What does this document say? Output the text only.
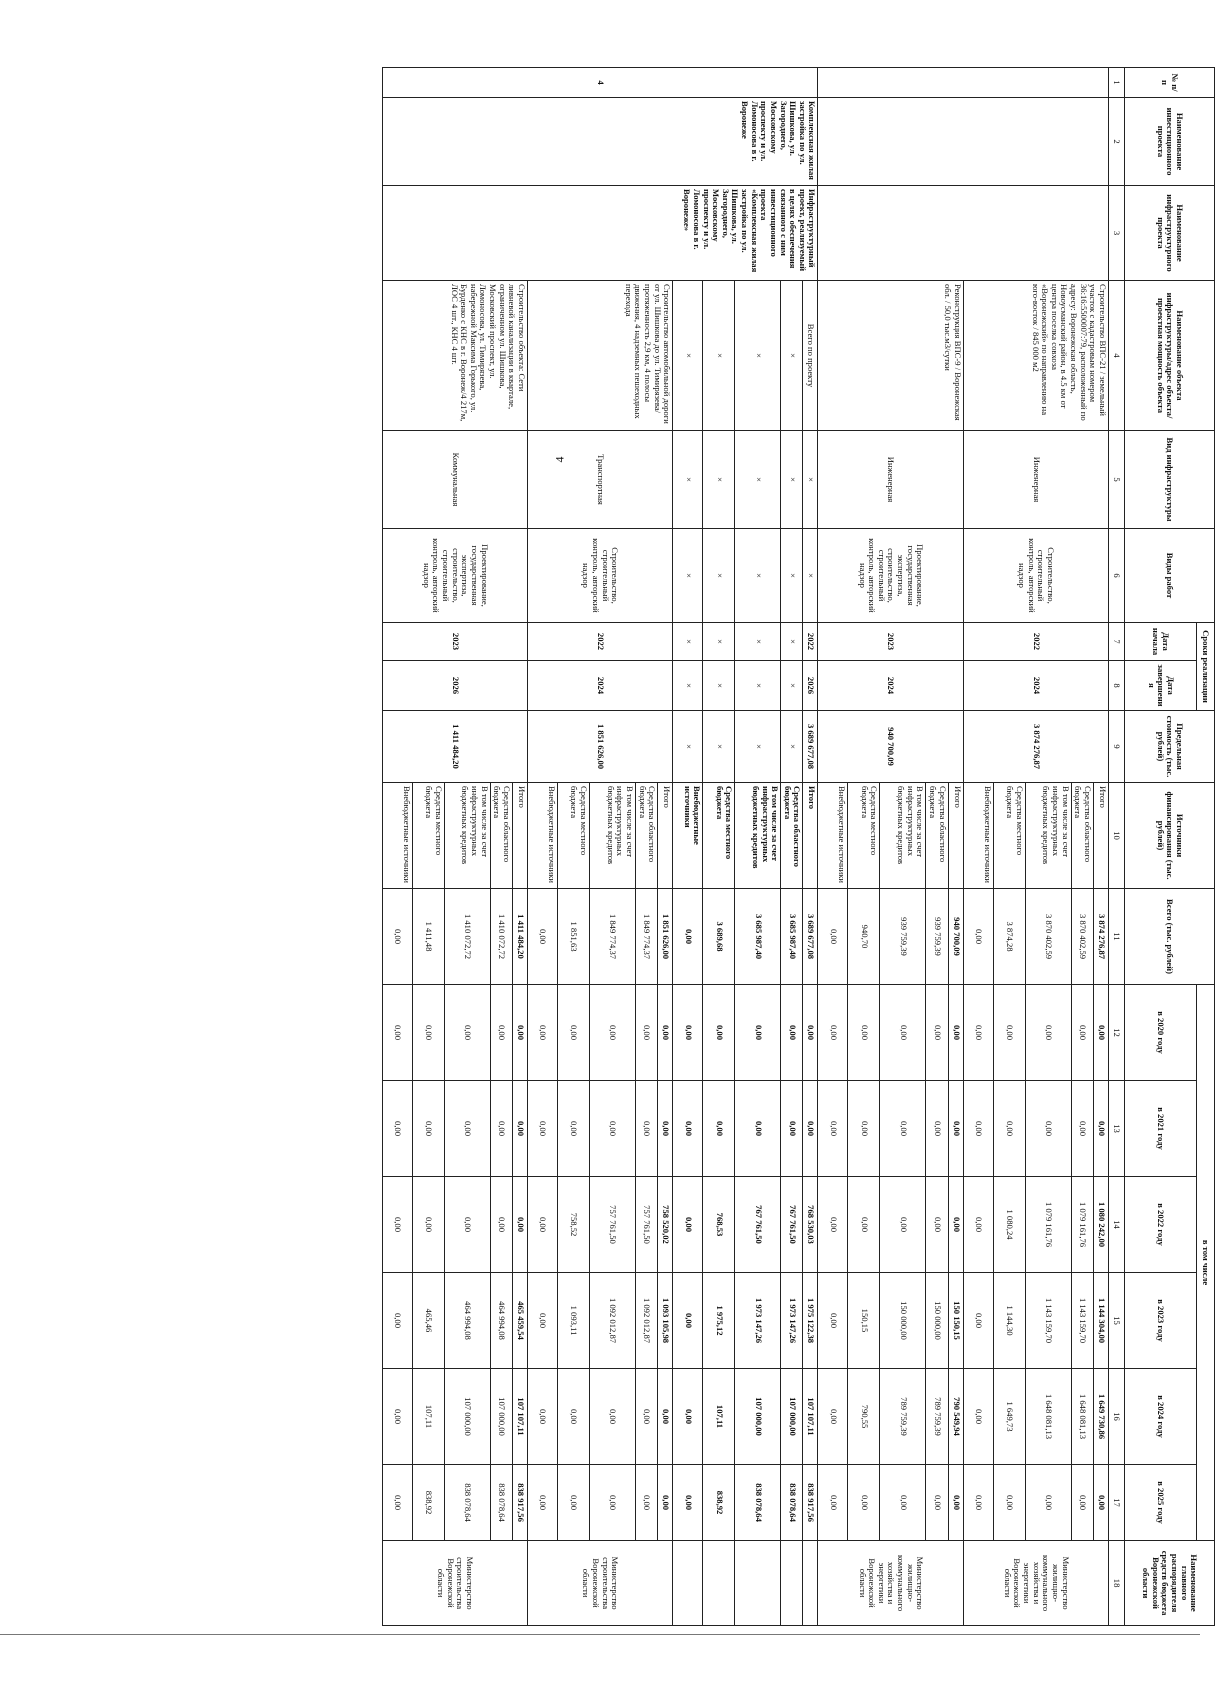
4
№ п/п	Наименование инвестиционного проекта	Наименование инфраструктурного проекта	Наименование объекта инфраструктуры/адрес объекта/проектная мощность объекта	Вид инфраструктуры	Виды работ	Сроки реализации		Предельная стоимость (тыс. рублей)	Источники финансирования (тыс. рублей)	Всего (тыс. рублей)	в том числе						Наименование главного распорядителя средств бюджета Воронежской области
						Дата начала	Дата завершения				в 2020 году	в 2021 году	в 2022 году	в 2023 году	в 2024 году	в 2025 году	
1	2	3	4	5	6	7	8	9	10	11	12	13	14	15	16	17	18
			Строительство ВПС-21 / земельный участок с кадастровым номером 36:16:5500007:79, расположенный по адресу: Воронежская область, Новоусманский район, в 4.5 км от центра поселка совхоза «Воронежский» по направлению на юго-восток / 845 000 м2	Инженерная	Строительство, строительный контроль, авторский надзор	2022	2024	3 874 276,87	Итого	3 874 276,87	0,00	0,00	1 080 242,00	1 144 304,00	1 649 730,86	0,00	Министерство жилищно-коммунального хозяйства и энергетики Воронежской области
									Средства областного бюджета	3 870 402,59	0,00	0,00	1 079 161,76	1 143 159,70	1 648 081,13	0,00	
									В том числе за счет инфраструктурных бюджетных кредитов	3 870 402,59	0,00	0,00	1 079 161,76	1 143 159,70	1 648 081,13	0,00	
									Средства местного бюджета	3 874,28	0,00	0,00	1 080,24	1 144,30	1 649,73	0,00	
									Внебюджетные источники	0,00	0,00	0,00	0,00	0,00	0,00	0,00	
			Реконструкция ВПС-9 / Воронежская обл. / 50,0 тыс.м3/сутки	Инженерная	Проектирование, государственная экспертиза, строительство, строительный контроль, авторский надзор	2023	2024	940 700,09	Итого	940 700,09	0,00	0,00	0,00	150 150,15	790 549,94	0,00	Министерство жилищно-коммунального хозяйства и энергетики Воронежской области
									Средства областного бюджета	939 759,39	0,00	0,00	0,00	150 000,00	789 759,39	0,00	
									В том числе за счет инфраструктурных бюджетных кредитов	939 759,39	0,00	0,00	0,00	150 000,00	789 759,39	0,00	
									Средства местного бюджета	940,70	0,00	0,00	0,00	150,15	790,55	0,00	
									Внебюджетные источники	0,00	0,00	0,00	0,00	0,00	0,00	0,00	
4	Комплексная жилая застройка по ул. Шишкова, ул. Загороднего, Московскому проспекту и ул. Ломоносова в г. Воронеже	Инфраструктурный проект, реализуемый в целях обеспечения связанного с ним инвестиционного проекта «Комплексная жилая застройка по ул. Шишкова, ул. Загороднего, Московскому проспекту и ул. Ломоносова в г. Воронеже»	Всего по проекту	×	×	2022	2026	3 689 677,08	Итого	3 689 677,08	0,00	0,00	768 530,03	1 975 122,38	107 107,11	838 917,56	
			×	×	×	×	×	×	Средства областного бюджета	3 685 987,40	0,00	0,00	767 761,50	1 973 147,26	107 000,00	838 078,64	
			×	×	×	×	×	×	В том числе за счет инфраструктурных бюджетных кредитов	3 685 987,40	0,00	0,00	767 761,50	1 973 147,26	107 000,00	838 078,64	
			×	×	×	×	×	×	Средства местного бюджета	3 689,68	0,00	0,00	768,53	1 975,12	107,11	838,92	
			×	×	×	×	×	×	Внебюджетные источники	0,00	0,00	0,00	0,00	0,00	0,00	0,00	
			Строительство автомобильной дороги от ул. Шишкова до ул. Тимирязева/протяженность 2,9 км, 4 полосы движения, 4 надземных пешеходных перехода	Транспортная	Строительство, строительный контроль, авторский надзор	2022	2024	1 851 626,00	Итого	1 851 626,00	0,00	0,00	758 520,02	1 093 105,98	0,00	0,00	Министерство строительства Воронежской области
									Средства областного бюджета	1 849 774,37	0,00	0,00	757 761,50	1 092 012,87	0,00	0,00	
									В том числе за счет инфраструктурных бюджетных кредитов	1 849 774,37	0,00	0,00	757 761,50	1 092 012,87	0,00	0,00	
									Средства местного бюджета	1 851,63	0,00	0,00	758,52	1 093,11	0,00	0,00	
									Внебюджетные источники	0,00	0,00	0,00	0,00	0,00	0,00	0,00	
			Строительство объекта: Сети ливневой канализации в квартале, ограниченном ул. Шишкова, Московский проспект, ул. Ломоносова, ул. Тимирязева, набережной Максима Горького, ул. Бурденко с КНС в г. Воронеж/4 217м, ЛОС 4 шт., КНС 4 шт.	Коммунальная	Проектирование, государственная экспертиза, строительство, строительный контроль, авторский надзор	2023	2026	1 411 484,20	Итого	1 411 484,20	0,00	0,00	0,00	465 459,54	107 107,11	838 917,56	Министерство строительства Воронежской области
									Средства областного бюджета	1 410 072,72	0,00	0,00	0,00	464 994,08	107 000,00	838 078,64	
									В том числе за счет инфраструктурных бюджетных кредитов	1 410 072,72	0,00	0,00	0,00	464 994,08	107 000,00	838 078,64	
									Средства местного бюджета	1 411,48	0,00	0,00	0,00	465,46	107,11	838,92	
									Внебюджетные источники	0,00	0,00	0,00	0,00	0,00	0,00	0,00	
